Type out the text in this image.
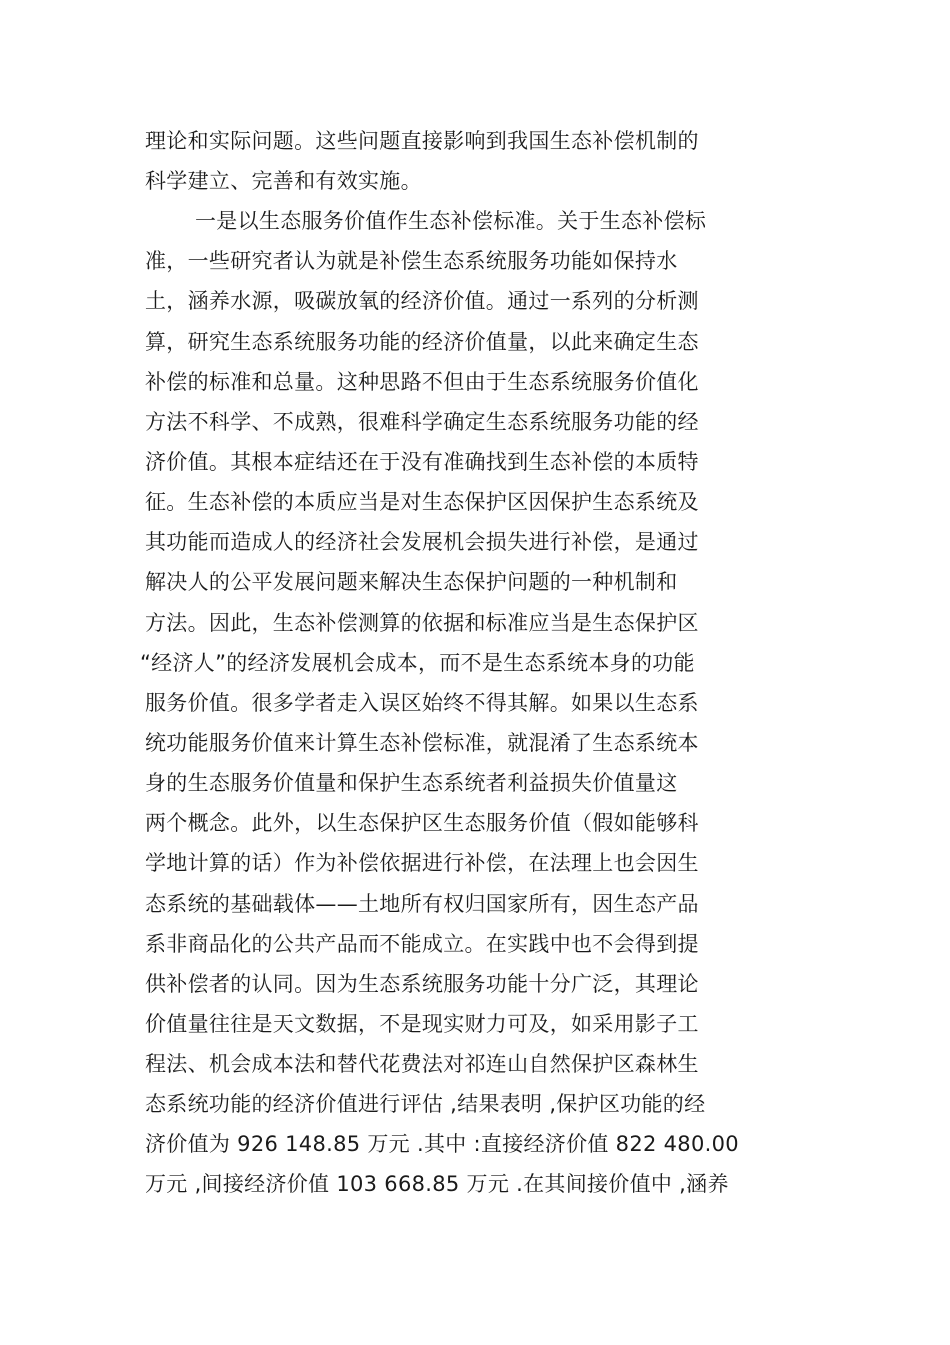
理论和实际问题。这些问题直接影响到我国生态补偿机制的
科学建立、完善和有效实施。
一是以生态服务价值作生态补偿标准。关于生态补偿标
准，一些研究者认为就是补偿生态系统服务功能如保持水
土，涵养水源，吸碳放氧的经济价值。通过一系列的分析测
算，研究生态系统服务功能的经济价值量，以此来确定生态
补偿的标准和总量。这种思路不但由于生态系统服务价值化
方法不科学、不成熟，很难科学确定生态系统服务功能的经
济价值。其根本症结还在于没有准确找到生态补偿的本质特
征。生态补偿的本质应当是对生态保护区因保护生态系统及
其功能而造成人的经济社会发展机会损失进行补偿，是通过
解决人的公平发展问题来解决生态保护问题的一种机制和
方法。因此，生态补偿测算的依据和标准应当是生态保护区
“经济人”的经济发展机会成本，而不是生态系统本身的功能
服务价值。很多学者走入误区始终不得其解。如果以生态系
统功能服务价值来计算生态补偿标准，就混淆了生态系统本
身的生态服务价值量和保护生态系统者利益损失价值量这
两个概念。此外，以生态保护区生态服务价值（假如能够科
学地计算的话）作为补偿依据进行补偿，在法理上也会因生
态系统的基础载体——土地所有权归国家所有，因生态产品
系非商品化的公共产品而不能成立。在实践中也不会得到提
供补偿者的认同。因为生态系统服务功能十分广泛，其理论
价值量往往是天文数据，不是现实财力可及，如采用影子工
程法、机会成本法和替代花费法对祁连山自然保护区森林生
态系统功能的经济价值进行评估 ,结果表明 ,保护区功能的经
济价值为 926 148.85 万元 .其中 :直接经济价值 822 480.00
万元 ,间接经济价值 103 668.85 万元 .在其间接价值中 ,涵养
